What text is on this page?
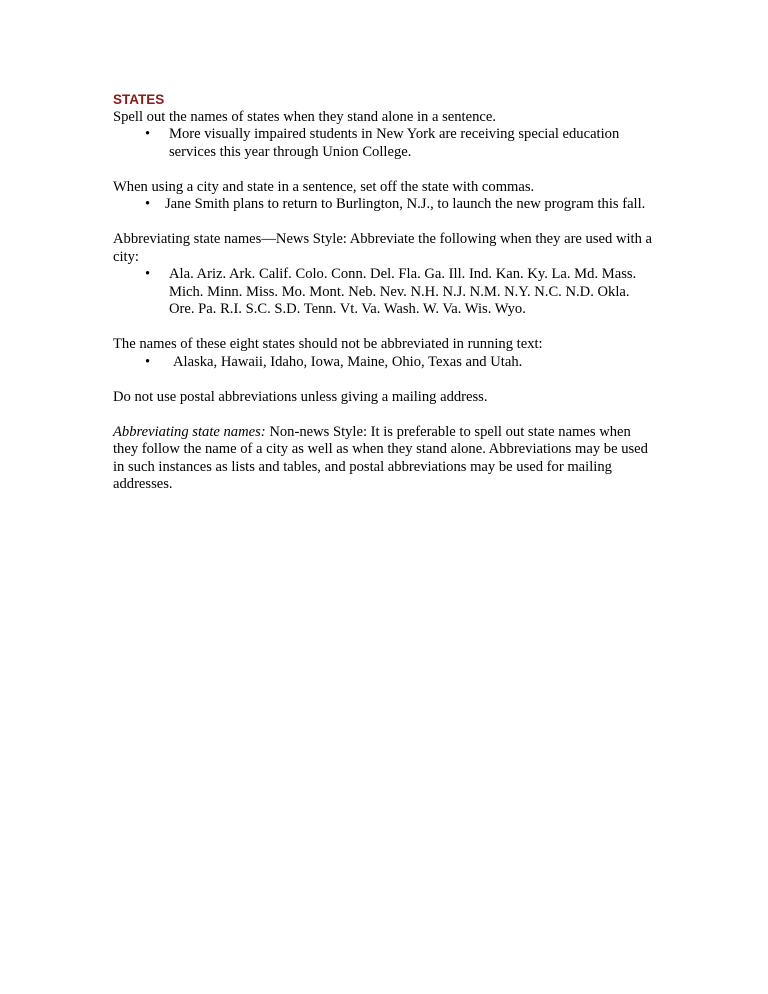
STATES

Spell out the names of states when they stand alone in a sentence.

• More visually impaired students in New York are receiving special education services this year through Union College.

When using a city and state in a sentence, set off the state with commas.

• Jane Smith plans to return to Burlington, N.J., to launch the new program this fall.

Abbreviating state names—News Style: Abbreviate the following when they are used with a city:

• Ala. Ariz. Ark. Calif. Colo. Conn. Del. Fla. Ga. Ill. Ind. Kan. Ky. La. Md. Mass. Mich. Minn. Miss. Mo. Mont. Neb. Nev. N.H. N.J. N.M. N.Y. N.C. N.D. Okla. Ore. Pa. R.I. S.C. S.D. Tenn. Vt. Va. Wash. W. Va. Wis. Wyo.

The names of these eight states should not be abbreviated in running text:

• Alaska, Hawaii, Idaho, Iowa, Maine, Ohio, Texas and Utah.

Do not use postal abbreviations unless giving a mailing address.

Abbreviating state names: Non-news Style: It is preferable to spell out state names when they follow the name of a city as well as when they stand alone. Abbreviations may be used in such instances as lists and tables, and postal abbreviations may be used for mailing addresses.
